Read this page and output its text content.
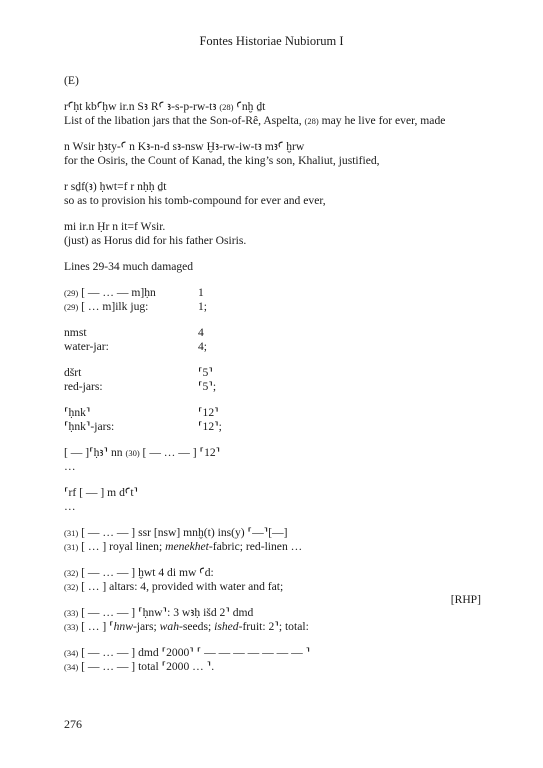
Fontes Historiae Nubiorum I
(E)
rꜤḥt kbꜤḥw ir.n Sꜣ RꜤ ꜣ-s-p-rw-tꜣ (28) Ꜥnḫ ḏt
List of the libation jars that the Son-of-Rê, Aspelta, (28) may he live for ever, made
n Wsir ḥꜣty-Ꜥ n Kꜣ-n-d sꜣ-nsw Ḫꜣ-rw-iw-tꜣ mꜣꜤ ḫrw
for the Osiris, the Count of Kanad, the king’s son, Khaliut, justified,
r sḏf(ꜣ) ḥwt=f r nḥḥ ḏt
so as to provision his tomb-compound for ever and ever,
mi ir.n Ḥr n it=f Wsir.
(just) as Horus did for his father Osiris.
Lines 29-34 much damaged
(29) [ — … — m]ḥn	1
(29) [ … m]ilk jug:	1;
nmst	4
water-jar:	4;
dšrt	⸢5⸣
red-jars:	⸢5⸣;
⸢ḥnk⸣	⸢12⸣
⸢ḥnk⸣-jars:	⸢12⸣;
[ — ]⸢ḥꜣ⸣ nn (30) [ — … — ] ⸢12⸣
…
⸢rf [ — ] m dꜤt⸣
…
(31) [ — … — ] ssr [nsw] mnḫ(t) ins(y) ⸢—⸣[—]
(31) [ … ] royal linen; menekhet-fabric; red-linen …
(32) [ — … — ] ḫwt 4 di mw Ꜥd:
(32) [ … ] altars: 4, provided with water and fat;
(33) [ — … — ] ⸢ḥnw⸣: 3 wꜣḥ išd 2⸣ dmd
(33) [ … ] ⸢hnw-jars; wah-seeds; ished-fruit: 2⸣; total:
(34) [ — … — ] dmd ⸢2000⸣ ⸢ — — — — — — — ⸣
(34) [ — … — ] total ⸢2000 … ⸣.
[RHP]
276
